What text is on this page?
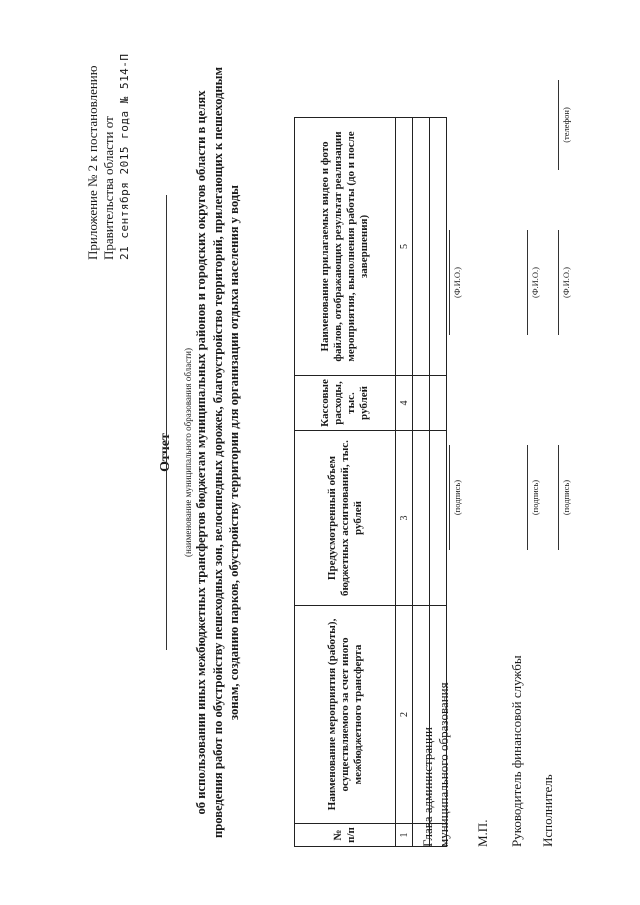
Приложение № 2 к постановлению Правительства области от 21 сентября 2015 года № 514-П
Отчет (наименование муниципального образования области) об использовании иных межбюджетных трансфертов бюджетам муниципальных районов и городских округов области в целях проведения работ по обустройству пешеходных зон, велосипедных дорожек, благоустройство территорий, прилегающих к пешеходным зонам, созданию парков, обустройству территории для организации отдыха населения у воды
№ п/п	Наименование мероприятия (работы), осуществляемого за счет иного межбюджетного трансферта	Предусмотренный объем бюджетных ассигнований, тыс. рублей	Кассовые расходы, тыс. рублей	Наименование прилагаемых видео и фото файлов, отображающих результат реализации мероприятия, выполнения работы (до и после завершения)
1	2	3	4	5

Глава администрации муниципального образования
(подпись)
(Ф.И.О.)
М.П. Руководитель финансовой службы
(подпись)
(Ф.И.О.)
Исполнитель
(подпись)
(Ф.И.О.)
(телефон)
